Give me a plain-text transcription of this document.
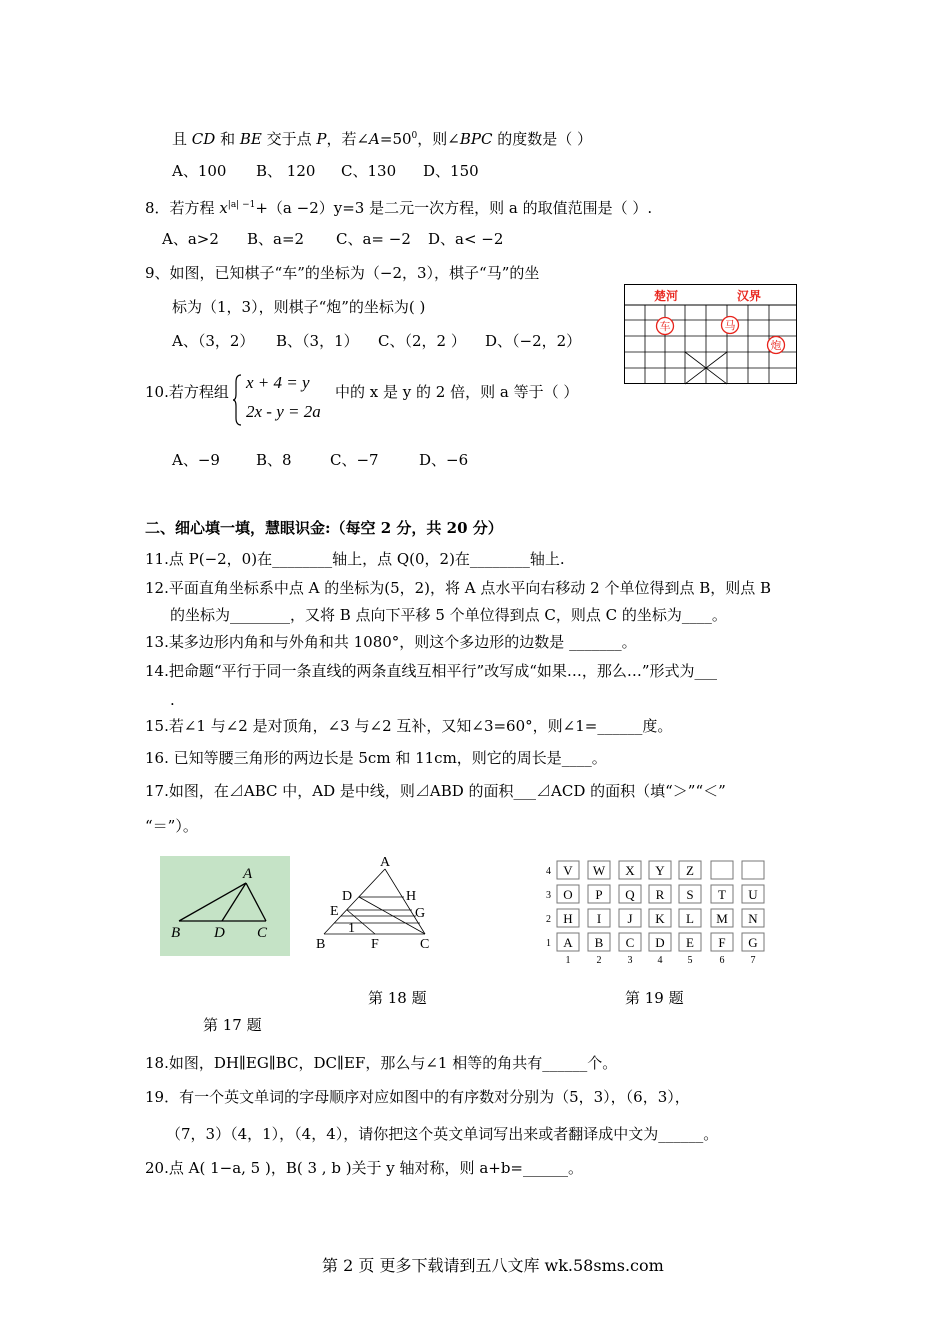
且 CD 和 BE 交于点 P，若$\angle A=50^0$，则∠BPC 的度数是（ ）
A、100 B、 120 C、130 D、150
8．若方程 $x^{|a| -1}+(a -2)y=3$ 是二元一次方程，则 a 的取值范围是（ ）.
A、a>2 B、a=2 C、a= −2 D、a< −2
9、如图，已知棋子“车”的坐标为（−2，3），棋子“马”的坐
标为（1，3），则棋子“炮”的坐标为( )
A、（3，2） B、（3，1） C、（2，2 ） D、（−2，2）
楚河	汉界
车	马
炮
10.若方程组 x + 4 = y
2x - y = 2a
中的 x 是 y 的 2 倍，则 a 等于（ ）
A、−9 B、8	C、−7	D、−6
二、细心填一填，慧眼识金:（每空 2 分，共 20 分）
11.点 P(−2，0)在________轴上，点 Q(0，2)在________轴上.
12.平面直角坐标系中点 A 的坐标为(5，2)，将 A 点水平向右移动 2 个单位得到点 B，则点 B
的坐标为________，又将 B 点向下平移 5 个单位得到点 C，则点 C 的坐标为____。
13.某多边形内角和与外角和共 1080°，则这个多边形的边数是 _______。
14.把命题“平行于同一条直线的两条直线互相平行”改写成“如果…，那么…”形式为___
.
15.若∠1 与∠2 是对顶角，∠3 与∠2 互补，又知∠3=60°，则∠1=______度。
16. 已知等腰三角形的两边长是 5cm 和 11cm，则它的周长是____。
17.如图，在⊿ABC 中，AD 是中线，则⊿ABD 的面积___⊿ACD 的面积（填“＞”“＜”
“＝”）。
A
B D C
A
D	H
E	G
1
B	F	C
4 V W X Y Z
3 O P Q R S T U
2 H I J K L M N
1 A B C D E F G
1	2	3	4	5	6	7
第 18 题	第 19 题
第 17 题
18.如图，DH∥EG∥BC，DC∥EF，那么与∠1 相等的角共有______个。
19．有一个英文单词的字母顺序对应如图中的有序数对分别为（5，3），（6，3），
（7，3）（4，1），（4，4），请你把这个英文单词写出来或者翻译成中文为______。
20.点 A( 1−a, 5 )，B( 3 , b )关于 y 轴对称，则 a+b=______。
第 2 页 更多下载请到五八文库 wk.58sms.com
